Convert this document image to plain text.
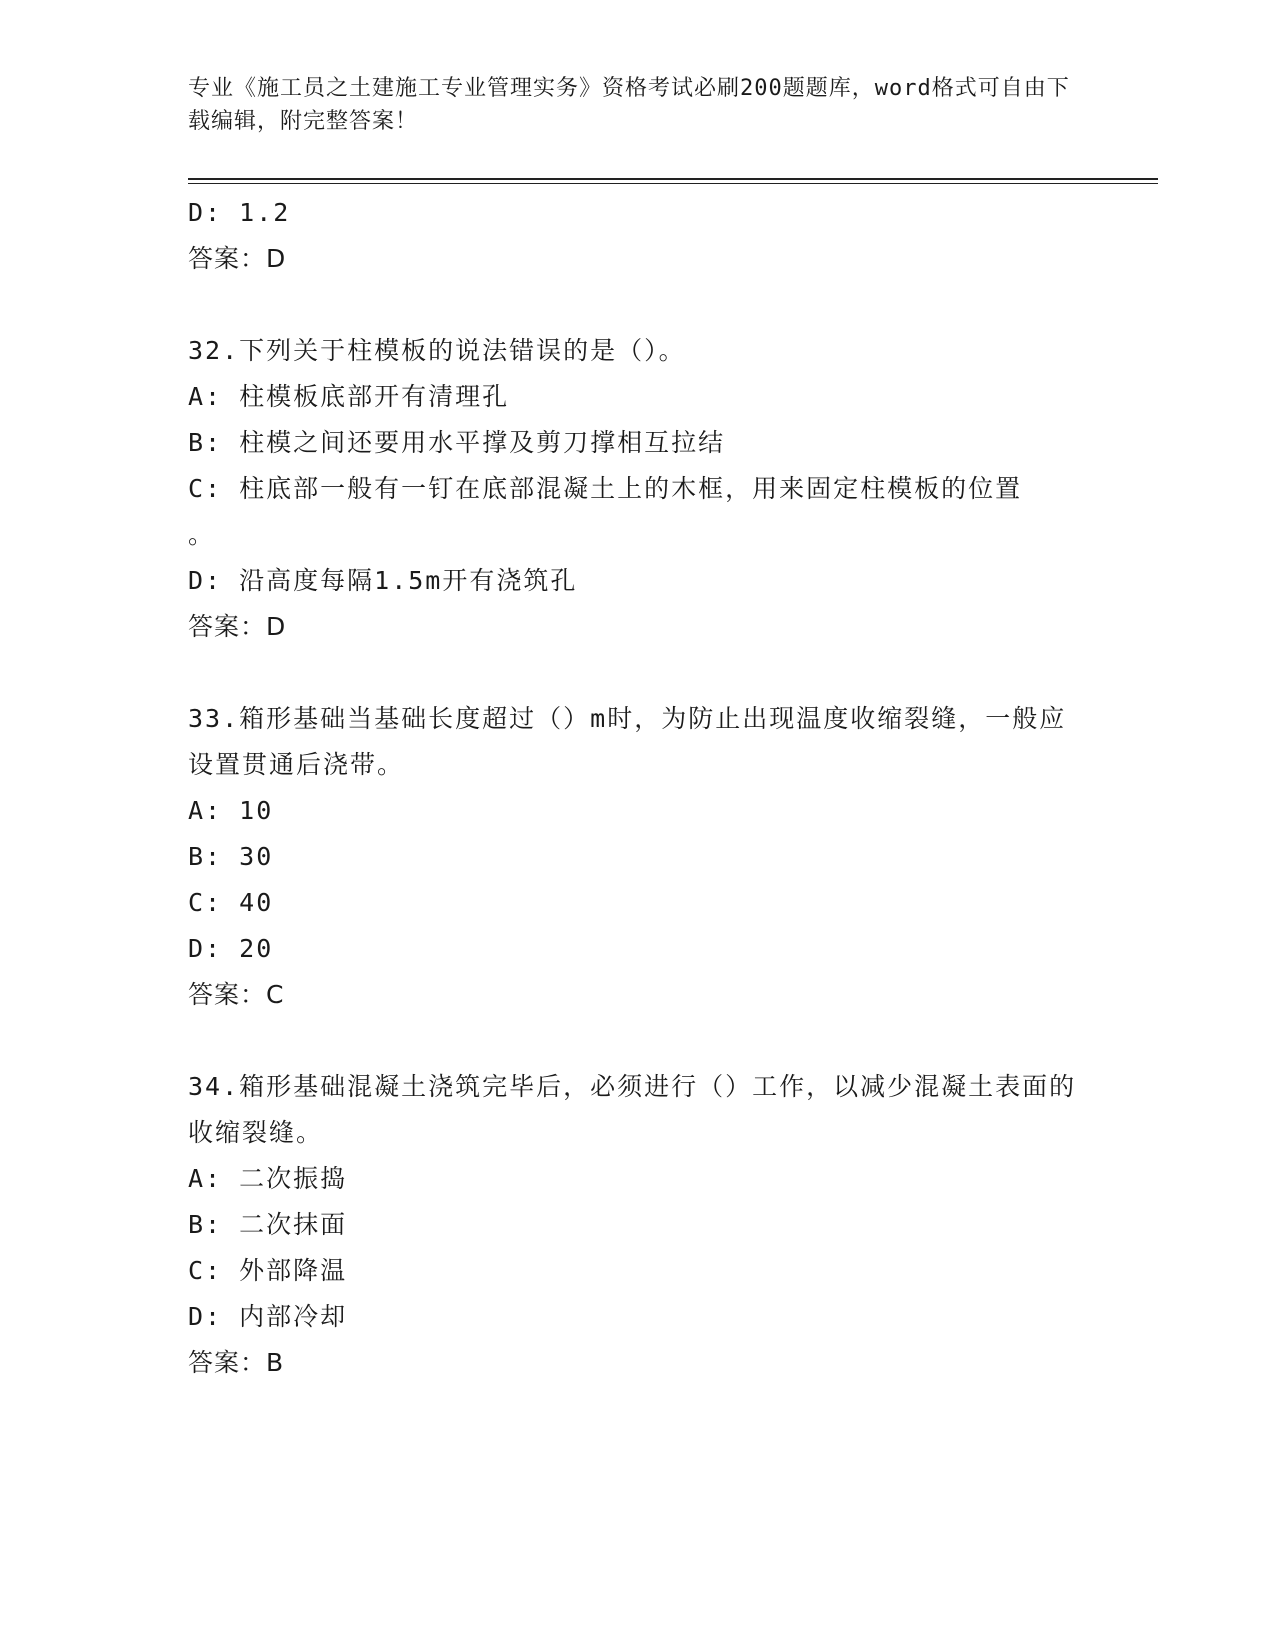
专业《施工员之土建施工专业管理实务》资格考试必刷200题题库，word格式可自由下载编辑，附完整答案！
D: 1.2
答案：D
32.下列关于柱模板的说法错误的是（）。
A: 柱模板底部开有清理孔
B: 柱模之间还要用水平撑及剪刀撑相互拉结
C: 柱底部一般有一钉在底部混凝土上的木框，用来固定柱模板的位置
。
D: 沿高度每隔1.5m开有浇筑孔
答案：D
33.箱形基础当基础长度超过（）m时，为防止出现温度收缩裂缝，一般应设置贯通后浇带。
A: 10
B: 30
C: 40
D: 20
答案：C
34.箱形基础混凝土浇筑完毕后，必须进行（）工作，以减少混凝土表面的收缩裂缝。
A: 二次振捣
B: 二次抹面
C: 外部降温
D: 内部冷却
答案：B
